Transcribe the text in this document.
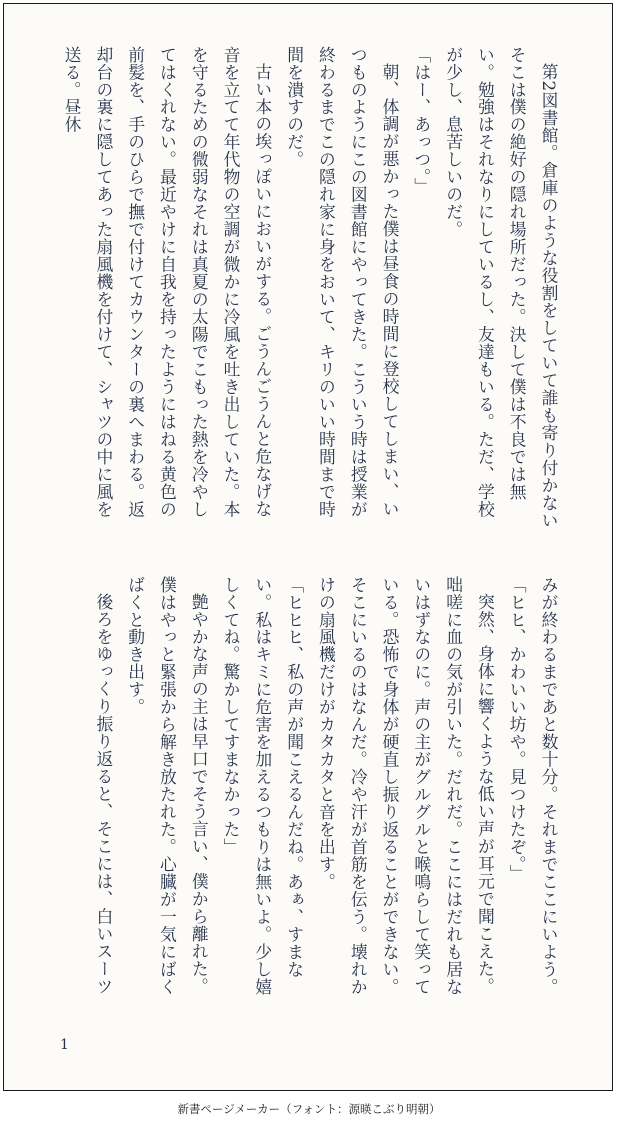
第2図書館。倉庫のような役割をしていて誰も寄り付かないそこは僕の絶好の隠れ場所だった。決して僕は不良では無い。勉強はそれなりにしているし、友達もいる。ただ、学校が少し、息苦しいのだ。

「はー、あっつ。」

朝、体調が悪かった僕は昼食の時間に登校してしまい、いつものようにこの図書館にやってきた。こういう時は授業が終わるまでこの隠れ家に身をおいて、キリのいい時間まで時間を潰すのだ。

古い本の埃っぽいにおいがする。ごうんごうんと危なげな音を立てて年代物の空調が微かに冷風を吐き出していた。本を守るための微弱なそれは真夏の太陽でこもった熱を冷やしてはくれない。最近やけに自我を持ったようにはねる黄色の前髪を、手のひらで撫で付けてカウンターの裏へまわる。返却台の裏に隠してあった扇風機を付けて、シャツの中に風を送る。昼休

みが終わるまであと数十分。それまでここにいよう。

「ヒヒ、かわいい坊や。見つけたぞ。」

突然、身体に響くような低い声が耳元で聞こえた。咄嗟に血の気が引いた。だれだ。ここにはだれも居ないはずなのに。声の主がグルグルと喉鳴らして笑っている。恐怖で身体が硬直し振り返ることができない。そこにいるのはなんだ。冷や汗が首筋を伝う。壊れかけの扇風機だけがカタカタと音を出す。

「ヒヒヒ、私の声が聞こえるんだね。あぁ、すまない。私はキミに危害を加えるつもりは無いよ。少し嬉しくてね。驚かしてすまなかった」

艶やかな声の主は早口でそう言い、僕から離れた。僕はやっと緊張から解き放たれた。心臓が一気にばくばくと動き出す。

後ろをゆっくり振り返ると、そこには、白いスーツ

1
新書ページメーカー（フォント：源暎こぶり明朝）
